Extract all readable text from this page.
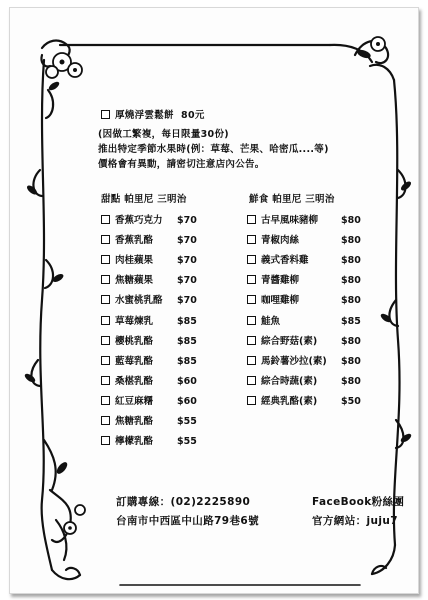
厚燒浮雲鬆餅 80元
(因做工繁複，每日限量30份)
推出特定季節水果時(例：草莓、芒果、哈密瓜....等)
價格會有異動，請密切注意店內公告。
甜點 帕里尼 三明治	鮮食 帕里尼 三明治
香蕉巧克力 $70
香蕉乳酪	$70
肉桂蘋果	$70
焦糖蘋果	$70
水蜜桃乳酪 $70
草莓煉乳	$85
櫻桃乳酪	$85
藍莓乳酪	$85
桑椹乳酪	$60
紅豆麻糬	$60
焦糖乳酪	$55
檸檬乳酪	$55
古早風味豬柳 $80
青椒肉絲	$80
義式香料雞	$80
青醬雞柳	$80
咖哩雞柳	$80
鮭魚	$85
綜合野菇(素)	$80
馬鈴薯沙拉(素) $80
綜合時蔬(素)	$80
經典乳酪(素)	$50
訂購專線：(02)2225890	FaceBook粉絲團
台南市中西區中山路79巷6號	官方網站：juju7
